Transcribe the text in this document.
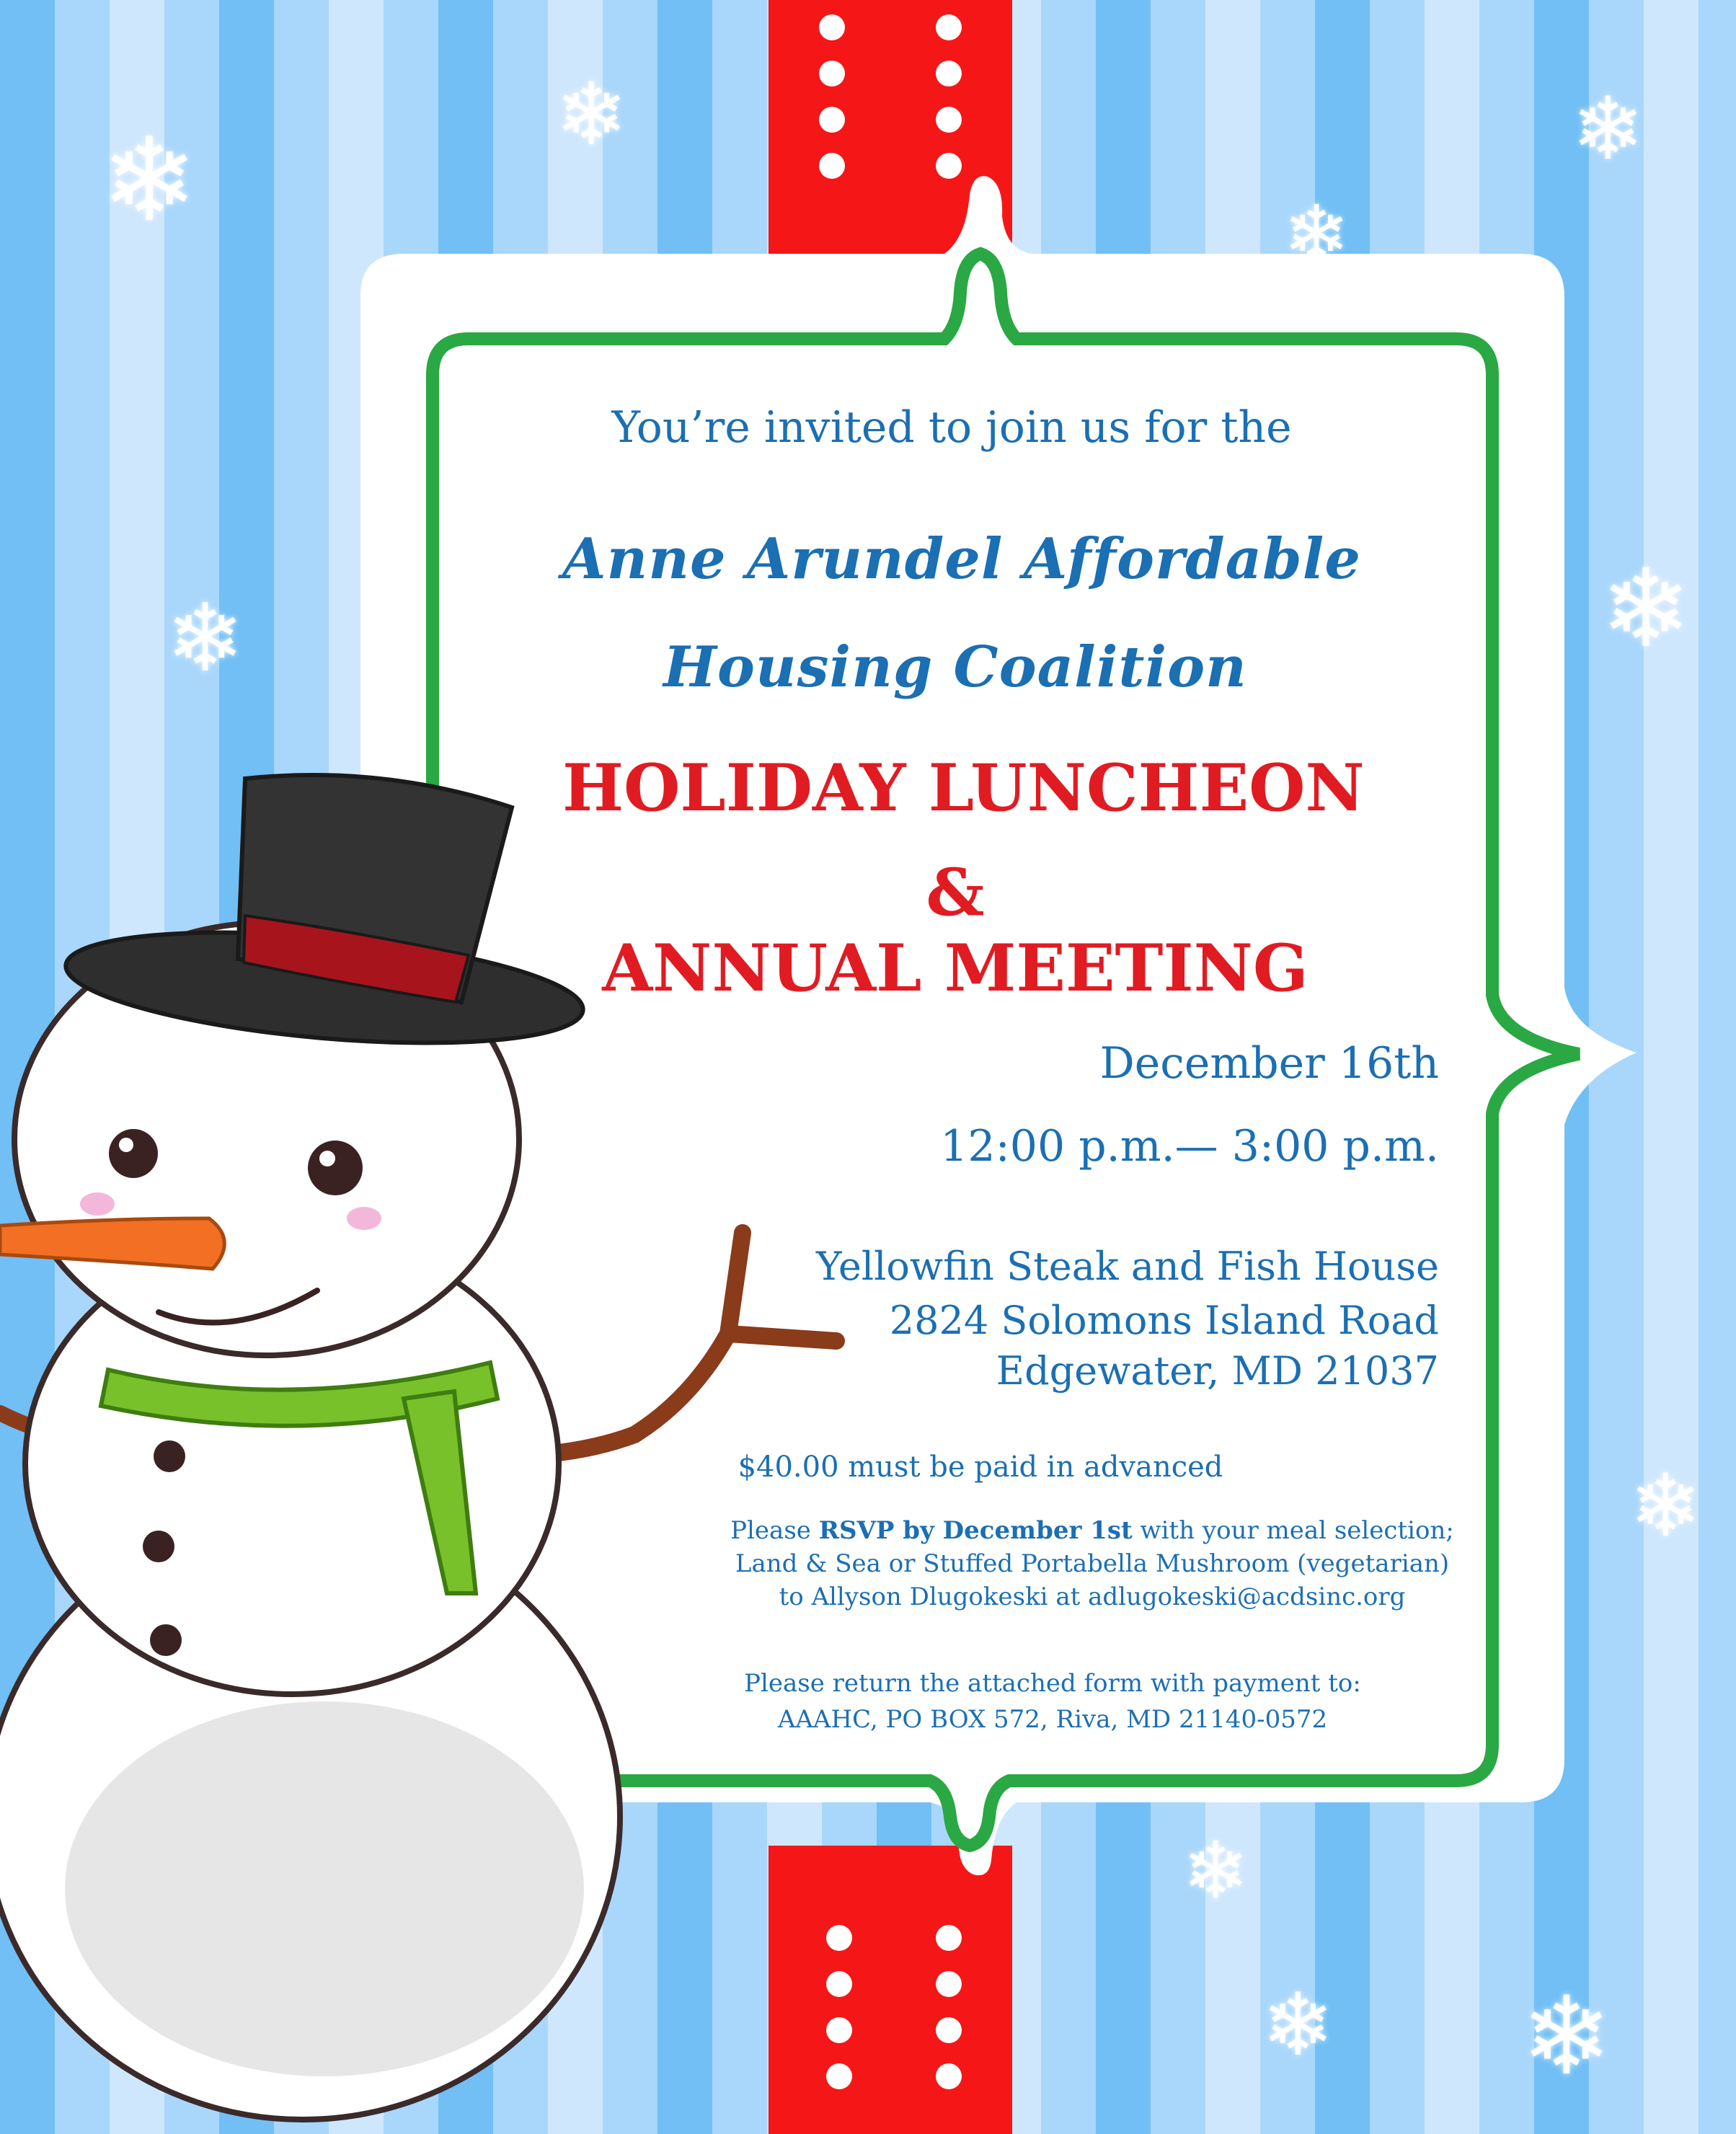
❄	❄	❄
❄
❄	❄
❄
❄ ❄
❄

You’re invited to join us for the

Anne Arundel Affordable

Housing Coalition

HOLIDAY LUNCHEON

&

ANNUAL MEETING

December 16th

12:00 p.m.— 3:00 p.m.

Yellowfin Steak and Fish House

2824 Solomons Island Road

Edgewater, MD 21037

$40.00 must be paid in advanced

Please RSVP by December 1st with your meal selection;
Land & Sea or Stuffed Portabella Mushroom (vegetarian)
to Allyson Dlugokeski at adlugokeski@acdsinc.org
Please return the attached form with payment to:
AAAHC, PO BOX 572, Riva, MD 21140-0572
